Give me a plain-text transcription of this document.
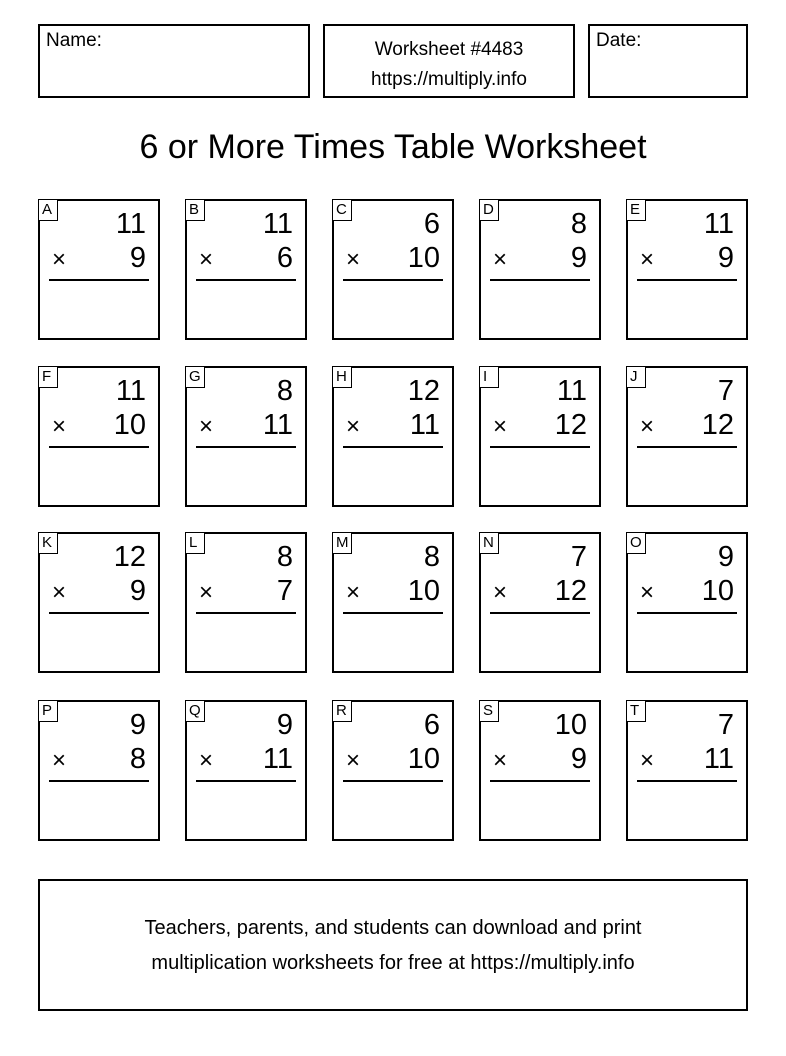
Name:	Worksheet #4483
https://multiply.info
Date:
6 or More Times Table Worksheet
A 11
× 9
B 11
× 6
C	6
× 10
D	8
× 9
E 11
× 9
F 11
× 10
G	8
× 11
H 12
× 11
I	11
× 12
J	7
× 12
K 12
× 9
L	8
× 7
M	8
× 10
N	7
× 12
O	9
× 10
P	9
× 8
Q	9
× 11
R	6
× 10
S 10
× 9
T	7
× 11
Teachers, parents, and students can download and print
multiplication worksheets for free at https://multiply.info
